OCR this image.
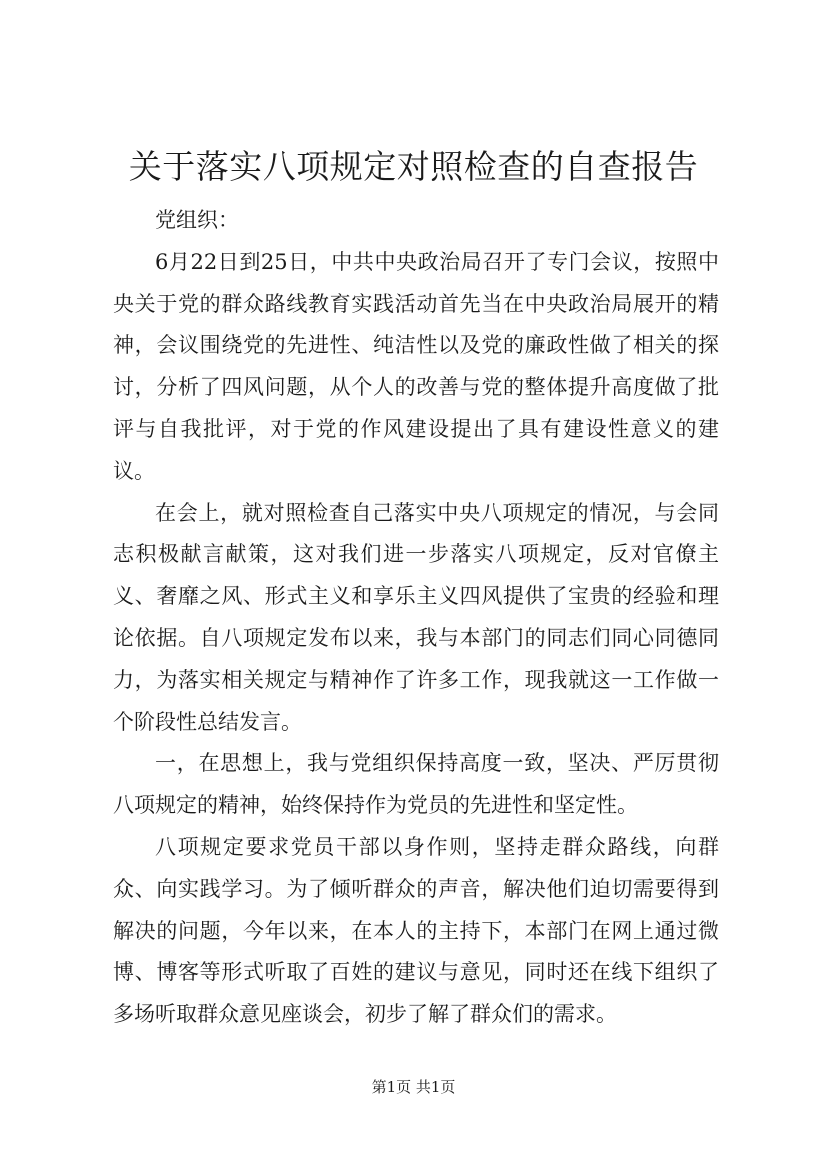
关于落实八项规定对照检查的自查报告

党组织：

6月22日到25日，中共中央政治局召开了专门会议，按照中央关于党的群众路线教育实践活动首先当在中央政治局展开的精神，会议围绕党的先进性、纯洁性以及党的廉政性做了相关的探讨，分析了四风问题，从个人的改善与党的整体提升高度做了批评与自我批评，对于党的作风建设提出了具有建设性意义的建议。

在会上，就对照检查自己落实中央八项规定的情况，与会同志积极献言献策，这对我们进一步落实八项规定，反对官僚主义、奢靡之风、形式主义和享乐主义四风提供了宝贵的经验和理论依据。自八项规定发布以来，我与本部门的同志们同心同德同力，为落实相关规定与精神作了许多工作，现我就这一工作做一个阶段性总结发言。

一，在思想上，我与党组织保持高度一致，坚决、严厉贯彻八项规定的精神，始终保持作为党员的先进性和坚定性。

八项规定要求党员干部以身作则，坚持走群众路线，向群众、向实践学习。为了倾听群众的声音，解决他们迫切需要得到解决的问题，今年以来，在本人的主持下，本部门在网上通过微博、博客等形式听取了百姓的建议与意见，同时还在线下组织了多场听取群众意见座谈会，初步了解了群众们的需求。

第1页 共1页
